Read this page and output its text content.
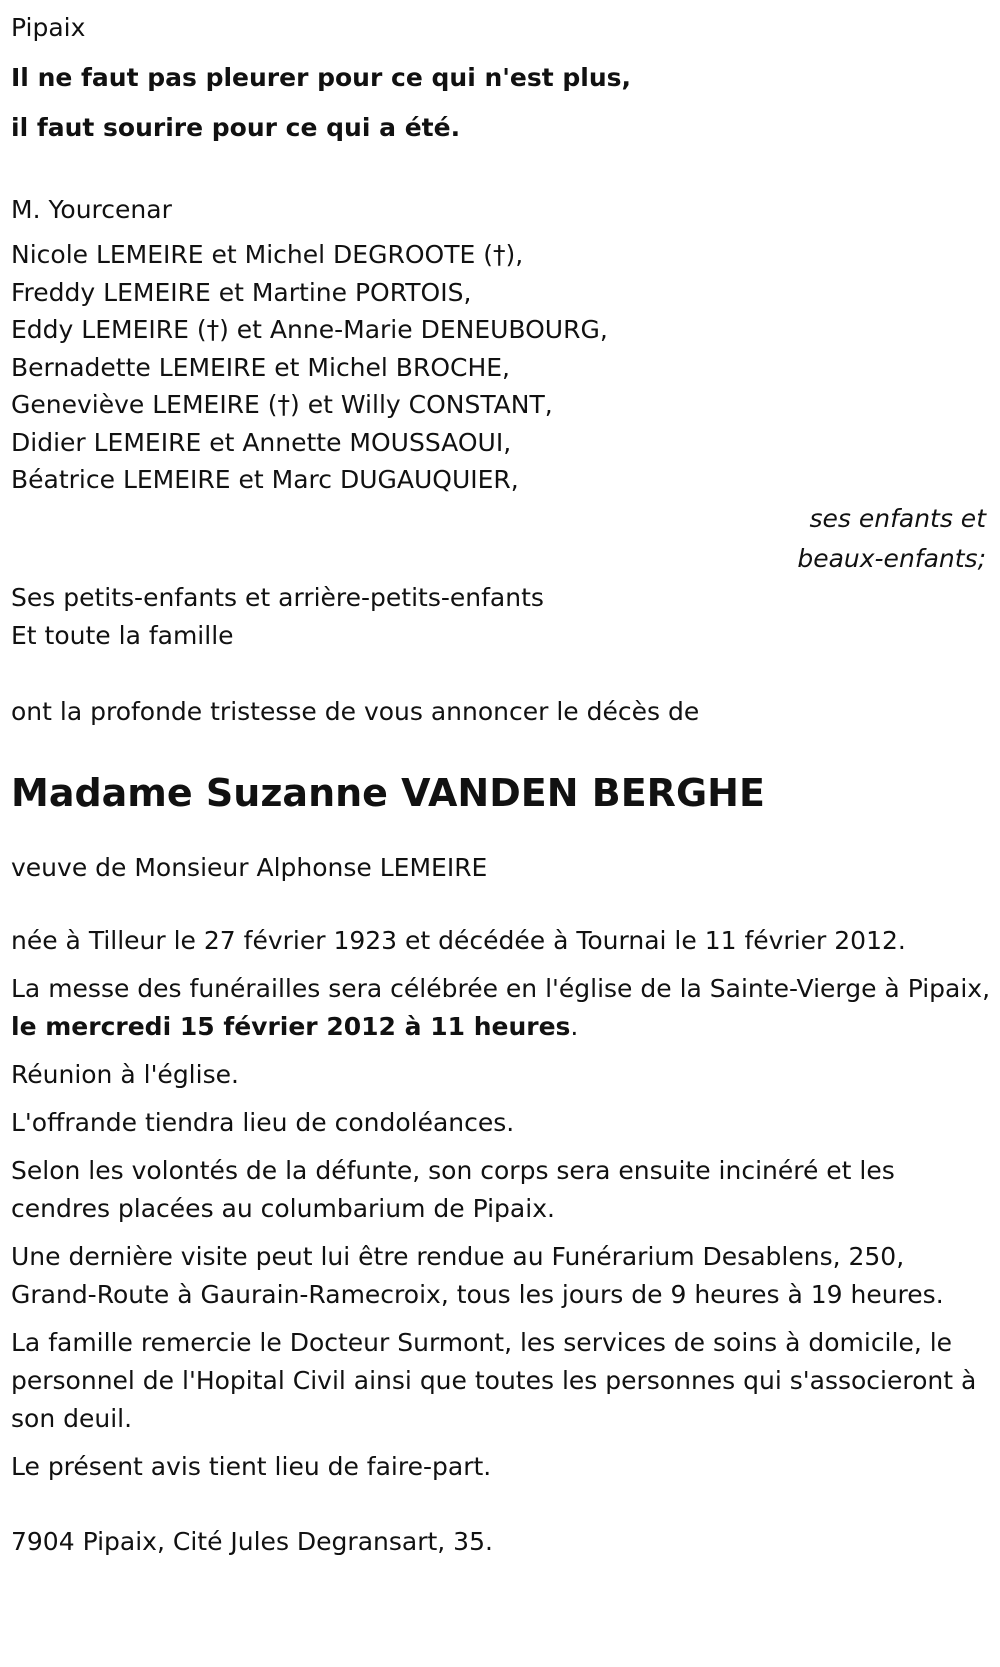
Pipaix
Il ne faut pas pleurer pour ce qui n'est plus,
il faut sourire pour ce qui a été.
M. Yourcenar
Nicole LEMEIRE et Michel DEGROOTE (†),
Freddy LEMEIRE et Martine PORTOIS,
Eddy LEMEIRE (†) et Anne-Marie DENEUBOURG,
Bernadette LEMEIRE et Michel BROCHE,
Geneviève LEMEIRE (†) et Willy CONSTANT,
Didier LEMEIRE et Annette MOUSSAOUI,
Béatrice LEMEIRE et Marc DUGAUQUIER,
ses enfants et
beaux-enfants;
Ses petits-enfants et arrière-petits-enfants
Et toute la famille
ont la profonde tristesse de vous annoncer le décès de
Madame Suzanne VANDEN BERGHE
veuve de Monsieur Alphonse LEMEIRE
née à Tilleur le 27 février 1923 et décédée à Tournai le 11 février 2012.
La messe des funérailles sera célébrée en l'église de la Sainte-Vierge à Pipaix, le mercredi 15 février 2012 à 11 heures.
Réunion à l'église.
L'offrande tiendra lieu de condoléances.
Selon les volontés de la défunte, son corps sera ensuite incinéré et les cendres placées au columbarium de Pipaix.
Une dernière visite peut lui être rendue au Funérarium Desablens, 250, Grand-Route à Gaurain-Ramecroix, tous les jours de 9 heures à 19 heures.
La famille remercie le Docteur Surmont, les services de soins à domicile, le personnel de l'Hopital Civil ainsi que toutes les personnes qui s'associeront à son deuil.
Le présent avis tient lieu de faire-part.
7904 Pipaix, Cité Jules Degransart, 35.
